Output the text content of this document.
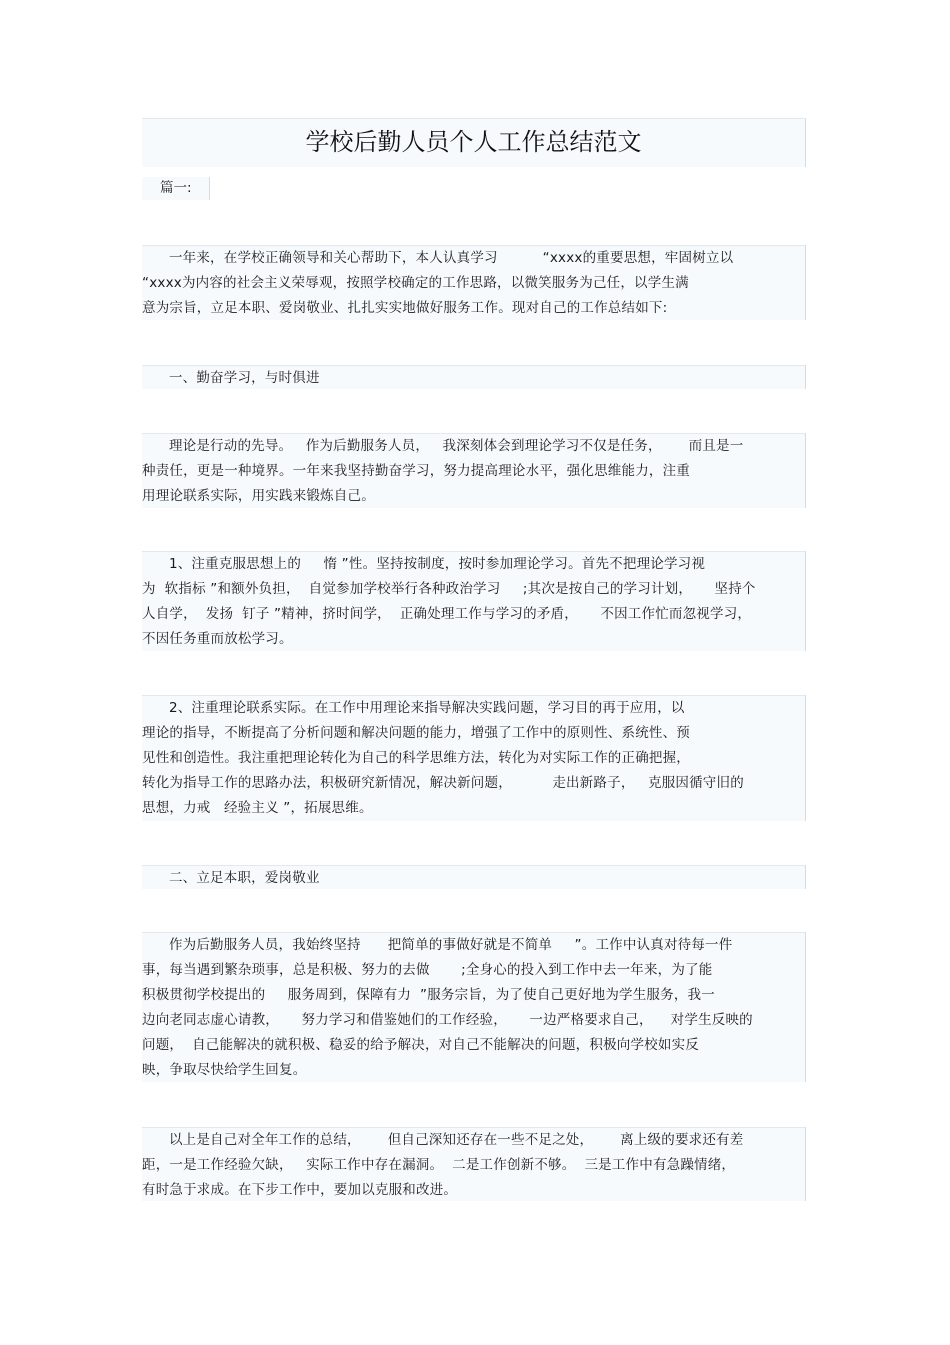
学校后勤人员个人工作总结范文
篇一:
一年来，在学校正确领导和关心帮助下，本人认真学习          “xxxx的重要思想，牢固树立以
“xxxx为内容的社会主义荣辱观，按照学校确定的工作思路，以微笑服务为己任，以学生满
意为宗旨，立足本职、爱岗敬业、扎扎实实地做好服务工作。现对自己的工作总结如下:
一、勤奋学习，与时俱进
理论是行动的先导。   作为后勤服务人员，   我深刻体会到理论学习不仅是任务，      而且是一
种责任，更是一种境界。一年来我坚持勤奋学习，努力提高理论水平，强化思维能力，注重
用理论联系实际，用实践来锻炼自己。
1、注重克服思想上的     惰 ”性。坚持按制度，按时参加理论学习。首先不把理论学习视
为  软指标 ”和额外负担，  自觉参加学校举行各种政治学习     ;其次是按自己的学习计划，     坚持个
人自学，  发扬  钉子 ”精神，挤时间学，  正确处理工作与学习的矛盾，     不因工作忙而忽视学习，
不因任务重而放松学习。
2、注重理论联系实际。在工作中用理论来指导解决实践问题，学习目的再于应用，以
理论的指导，不断提高了分析问题和解决问题的能力，增强了工作中的原则性、系统性、预
见性和创造性。我注重把理论转化为自己的科学思维方法，转化为对实际工作的正确把握，
转化为指导工作的思路办法，积极研究新情况，解决新问题，         走出新路子，   克服因循守旧的
思想，力戒   经验主义 ”，拓展思维。
二、立足本职，爱岗敬业
作为后勤服务人员，我始终坚持      把简单的事做好就是不简单     ”。工作中认真对待每一件
事，每当遇到繁杂琐事，总是积极、努力的去做       ;全身心的投入到工作中去一年来，为了能
积极贯彻学校提出的     服务周到，保障有力  ”服务宗旨，为了使自己更好地为学生服务，我一
边向老同志虚心请教，     努力学习和借鉴她们的工作经验，     一边严格要求自己，    对学生反映的
问题，  自己能解决的就积极、稳妥的给予解决，对自己不能解决的问题，积极向学校如实反
映，争取尽快给学生回复。
以上是自己对全年工作的总结，      但自己深知还存在一些不足之处，      离上级的要求还有差
距，一是工作经验欠缺，   实际工作中存在漏洞。  二是工作创新不够。  三是工作中有急躁情绪，
有时急于求成。在下步工作中，要加以克服和改进。
